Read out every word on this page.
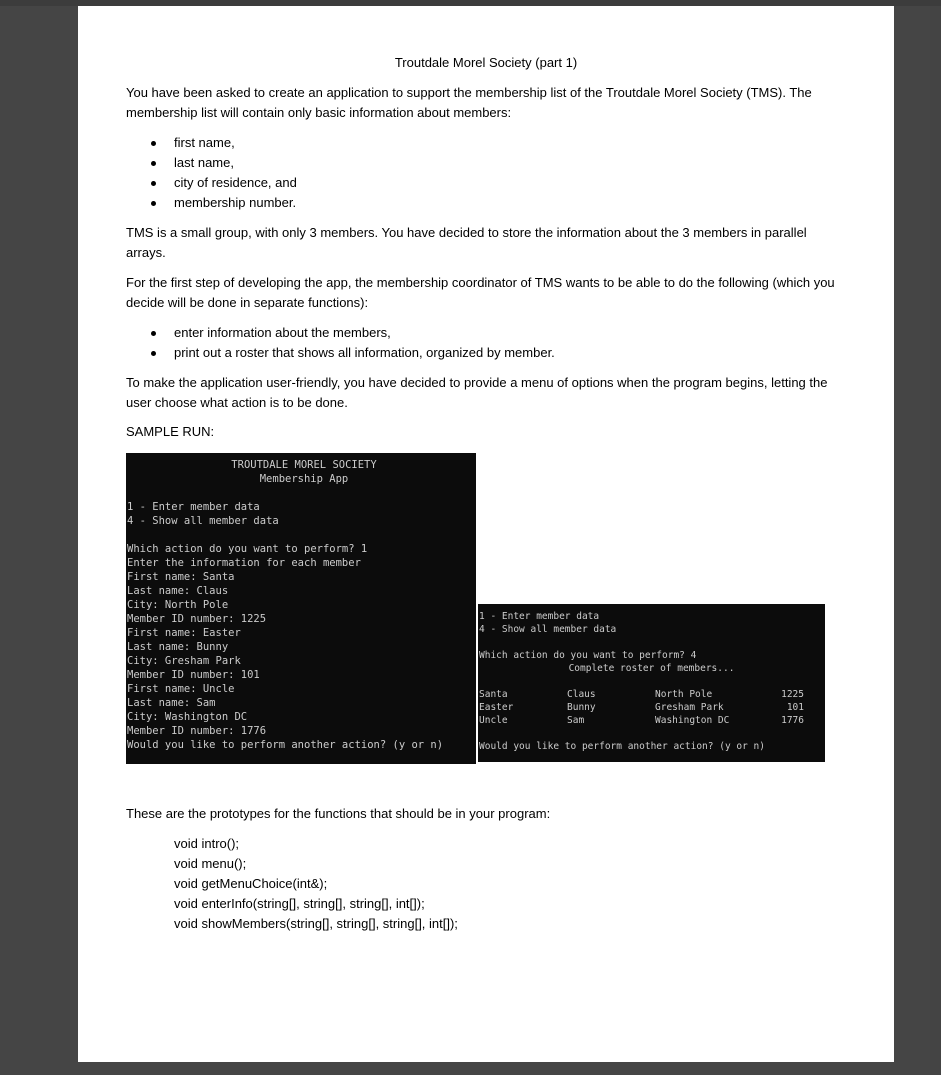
Troutdale Morel Society (part 1)
You have been asked to create an application to support the membership list of the Troutdale Morel Society (TMS). The membership list will contain only basic information about members:
first name,
last name,
city of residence, and
membership number.
TMS is a small group, with only 3 members. You have decided to store the information about the 3 members in parallel arrays.
For the first step of developing the app, the membership coordinator of TMS wants to be able to do the following (which you decide will be done in separate functions):
enter information about the members,
print out a roster that shows all information, organized by member.
To make the application user-friendly, you have decided to provide a menu of options when the program begins, letting the user choose what action is to be done.
SAMPLE RUN:
TROUTDALE MOREL SOCIETY
Membership App
1 - Enter member data
4 - Show all member data
Which action do you want to perform? 1
Enter the information for each member
First name: Santa
Last name: Claus
City: North Pole
Member ID number: 1225
First name: Easter
Last name: Bunny
City: Gresham Park
Member ID number: 101
First name: Uncle
Last name: Sam
City: Washington DC
Member ID number: 1776
Would you like to perform another action? (y or n)
1 - Enter member data
4 - Show all member data
Which action do you want to perform? 4
Complete roster of members...
Santa	Claus	North Pole	1225
Easter	Bunny	Gresham Park	101
Uncle	Sam	Washington DC	1776
Would you like to perform another action? (y or n)
These are the prototypes for the functions that should be in your program:
void intro();
void menu();
void getMenuChoice(int&);
void enterInfo(string[], string[], string[], int[]);
void showMembers(string[], string[], string[], int[]);
